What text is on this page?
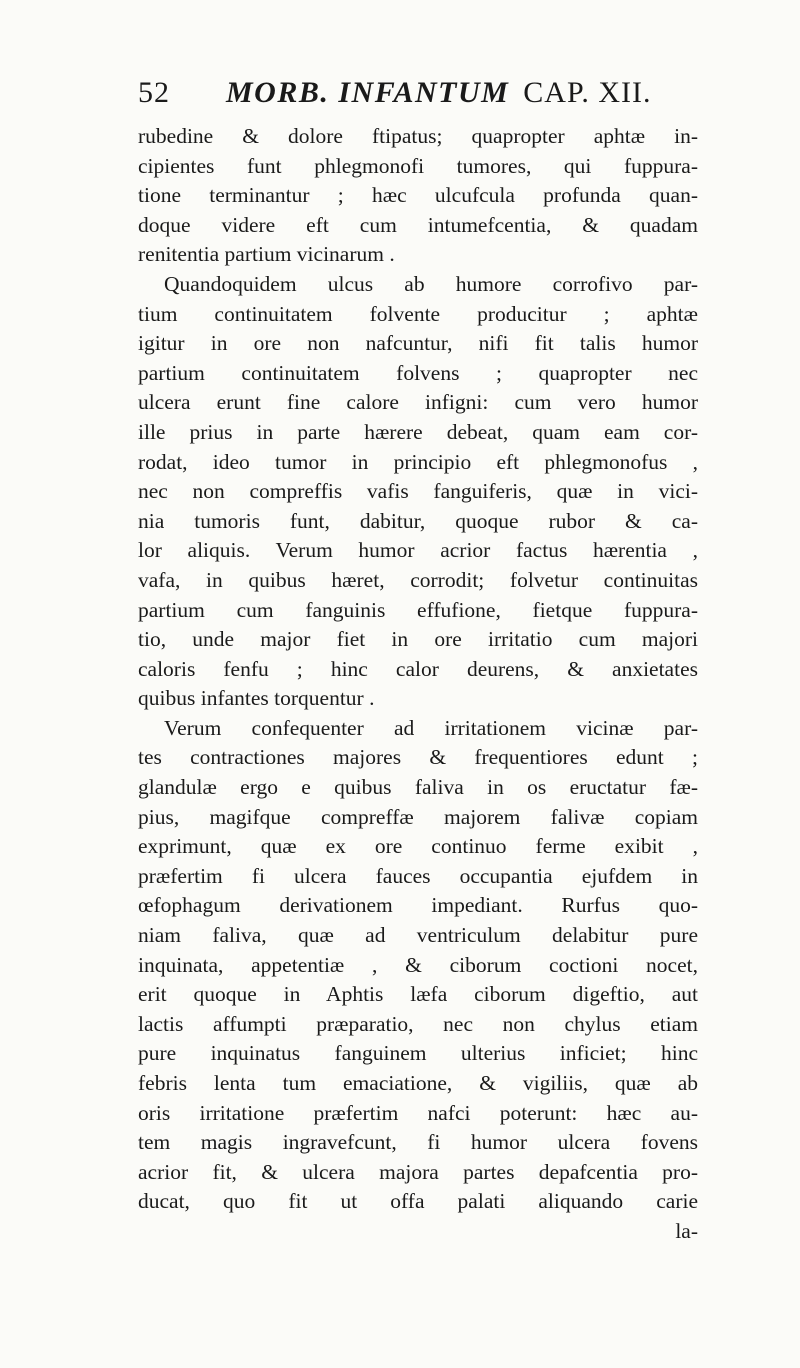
52 MORB. INFANTUM CAP. XII.
rubedine & dolore ftipatus; quapropter aphtæ in-
cipientes funt phlegmonofi tumores, qui fuppura-
tione terminantur ; hæc ulcufcula profunda quan-
doque videre eft cum intumefcentia, & quadam
renitentia partium vicinarum .
Quandoquidem ulcus ab humore corrofivo par-
tium continuitatem folvente producitur ; aphtæ
igitur in ore non nafcuntur, nifi fit talis humor
partium continuitatem folvens ; quapropter nec
ulcera erunt fine calore infigni: cum vero humor
ille prius in parte hærere debeat, quam eam cor-
rodat, ideo tumor in principio eft phlegmonofus ,
nec non compreffis vafis fanguiferis, quæ in vici-
nia tumoris funt, dabitur, quoque rubor & ca-
lor aliquis. Verum humor acrior factus hærentia ,
vafa, in quibus hæret, corrodit; folvetur continuitas
partium cum fanguinis effufione, fietque fuppura-
tio, unde major fiet in ore irritatio cum majori
caloris fenfu ; hinc calor deurens, & anxietates
quibus infantes torquentur .
Verum confequenter ad irritationem vicinæ par-
tes contractiones majores & frequentiores edunt ;
glandulæ ergo e quibus faliva in os eructatur fæ-
pius, magifque compreffæ majorem falivæ copiam
exprimunt, quæ ex ore continuo ferme exibit ,
præfertim fi ulcera fauces occupantia ejufdem in
œfophagum derivationem impediant. Rurfus quo-
niam faliva, quæ ad ventriculum delabitur pure
inquinata, appetentiæ , & ciborum coctioni nocet,
erit quoque in Aphtis læfa ciborum digeftio, aut
lactis affumpti præparatio, nec non chylus etiam
pure inquinatus fanguinem ulterius inficiet; hinc
febris lenta tum emaciatione, & vigiliis, quæ ab
oris irritatione præfertim nafci poterunt: hæc au-
tem magis ingravefcunt, fi humor ulcera fovens
acrior fit, & ulcera majora partes depafcentia pro-
ducat, quo fit ut offa palati aliquando carie
la-
